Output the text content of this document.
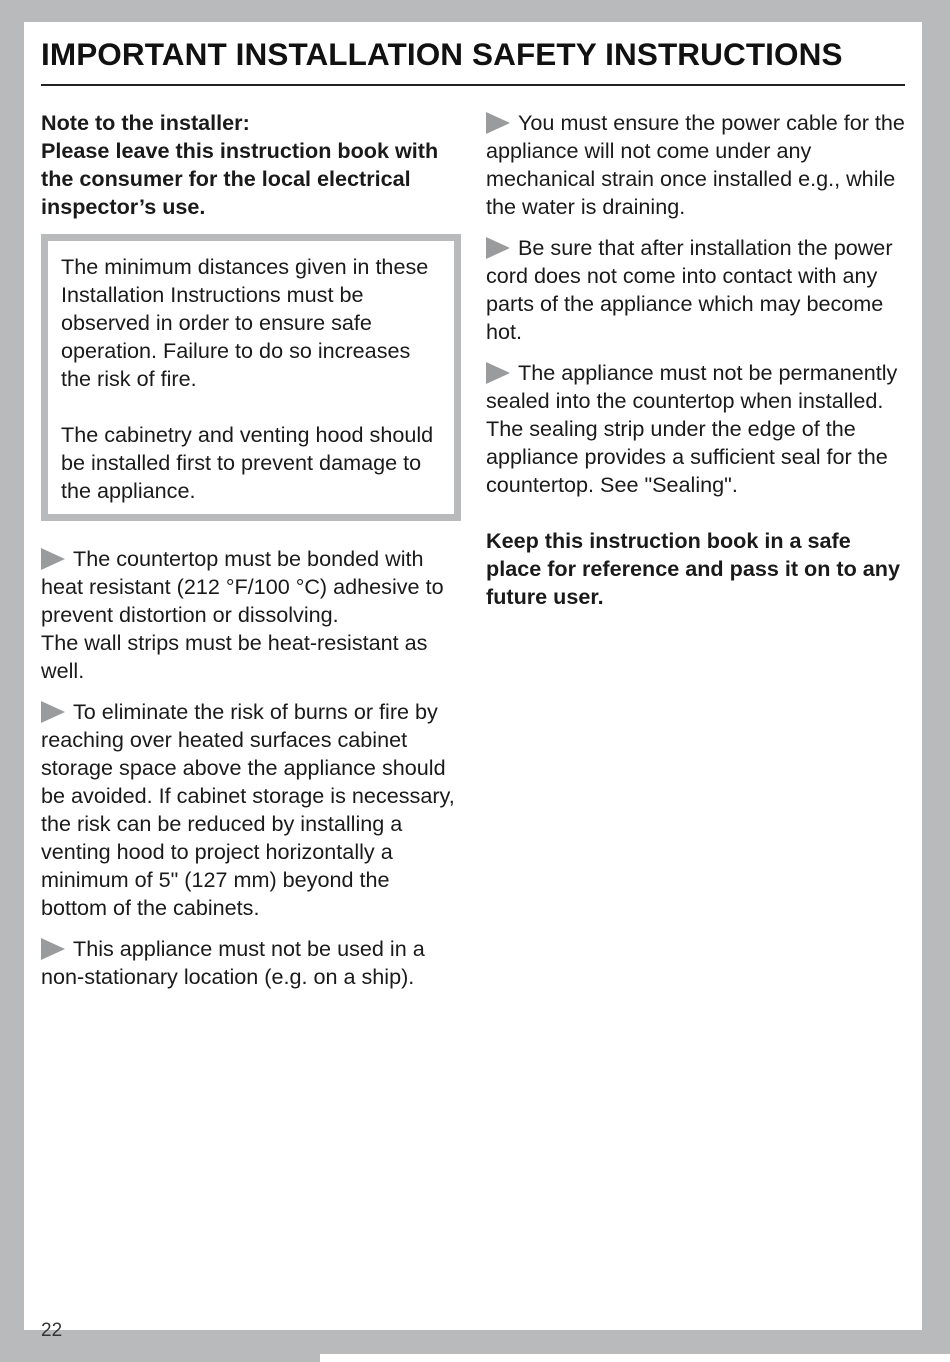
IMPORTANT INSTALLATION SAFETY INSTRUCTIONS

Note to the installer:
Please leave this instruction book with the consumer for the local electrical inspector’s use.

The minimum distances given in these Installation Instructions must be observed in order to ensure safe operation. Failure to do so increases the risk of fire.

The cabinetry and venting hood should be installed first to prevent damage to the appliance.

The countertop must be bonded with heat resistant (212 °F/100 °C) adhesive to prevent distortion or dissolving.
The wall strips must be heat-resistant as well.

To eliminate the risk of burns or fire by reaching over heated surfaces cabinet storage space above the appliance should be avoided. If cabinet storage is necessary, the risk can be reduced by installing a venting hood to project horizontally a minimum of 5" (127 mm) beyond the bottom of the cabinets.

This appliance must not be used in a non-stationary location (e.g. on a ship).

You must ensure the power cable for the appliance will not come under any mechanical strain once installed e.g., while the water is draining.

Be sure that after installation the power cord does not come into contact with any parts of the appliance which may become hot.

The appliance must not be permanently sealed into the countertop when installed. The sealing strip under the edge of the appliance provides a sufficient seal for the countertop. See "Sealing".

Keep this instruction book in a safe place for reference and pass it on to any future user.

22
